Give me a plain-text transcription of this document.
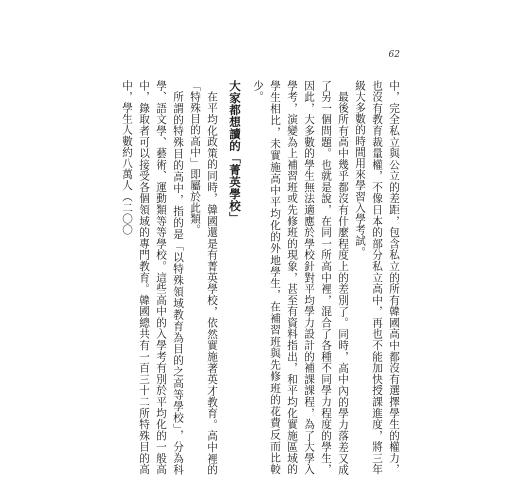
62

中，完全私立與公立的差距，包含私立的所有韓國高中都沒有選擇學生的權力，也沒有教育裁量權，不像日本的部分私立高中，再也不能加快授課進度，將三年級大多數的時間用來學習入學考試。

最後所有高中幾乎都沒有什麼程度上的差別了。同時，高中內的學力落差又成了另一個問題。也就是說，在同一所高中裡，混合了各種不同學力程度的學生，因此，大多數的學生無法適應於學校針對平均學力設計的補課課程，為了大學入學考，演變為上補習班或先修班的現象，甚至有資料指出，和平均化實施區域的學生相比，未實施高中平均化的外地學生，在補習班與先修班的花費反而比較少。

大家都想讀的「菁英學校」

在平均化政策的同時，韓國還是有菁英學校，依然實施著英才教育。高中裡的「特殊目的高中」即屬於此類。

所謂的特殊目的高中，指的是「以特殊領域教育為目的之高等學校」，分為科學、語文學、藝術、運動類等等學校。這些高中的入學考有別於平均化的一般高中，錄取者可以接受各個領域的專門教育。韓國總共有一百三十二所特殊目的高中，學生人數約八萬人（二〇〇
